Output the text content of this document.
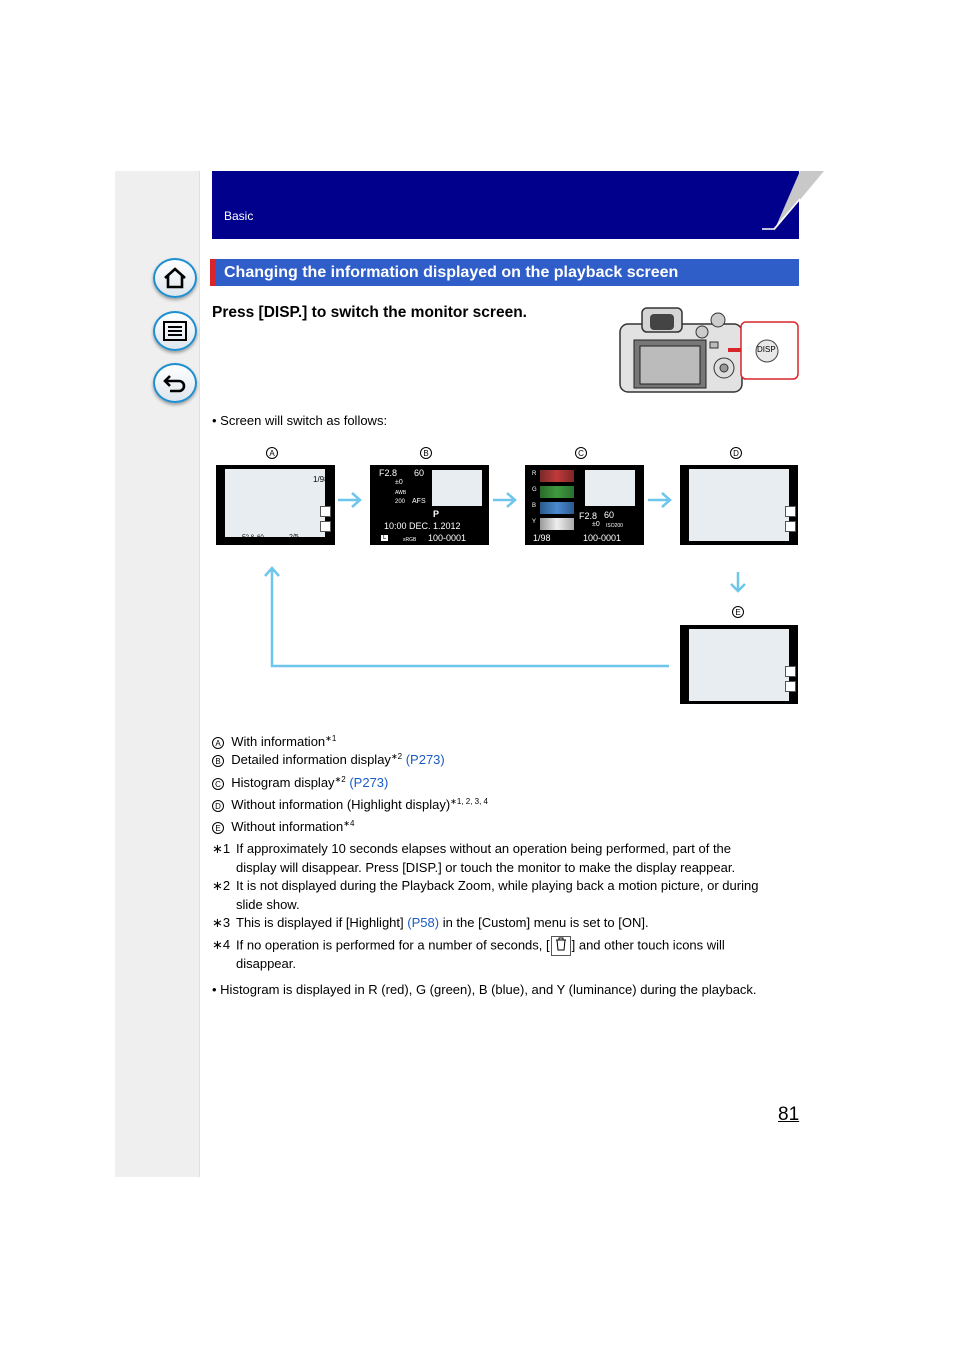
Basic
Changing the information displayed on the playback screen
Press [DISP.] to switch the monitor screen.
DISP
• Screen will switch as follows:
A	B	C	D
E
1/98
F2.8 60	2/5
F2.8 60
±0
AWB
200 AFS
P
10:00 DEC. 1.2012
L	sRGB 100-0001
R
G
B
Y
F2.8 60
±0 ISO200
1/98	100-0001
A With information$^{∗1}$
B Detailed information display$^{∗2}$ (P273)
C Histogram display$^{∗2}$ (P273)
D Without information (Highlight display)$^{∗1, 2, 3, 4}$
E Without information$^{∗4}$
∗1 If approximately 10 seconds elapses without an operation being performed, part of the
display will disappear. Press [DISP.] or touch the monitor to make the display reappear.
∗2 It is not displayed during the Playback Zoom, while playing back a motion picture, or during
slide show.
∗3 This is displayed if [Highlight] (P58) in the [Custom] menu is set to [ON].
∗4 If no operation is performed for a number of seconds, [ ] and other touch icons will
disappear.
• Histogram is displayed in R (red), G (green), B (blue), and Y (luminance) during the playback.
81
